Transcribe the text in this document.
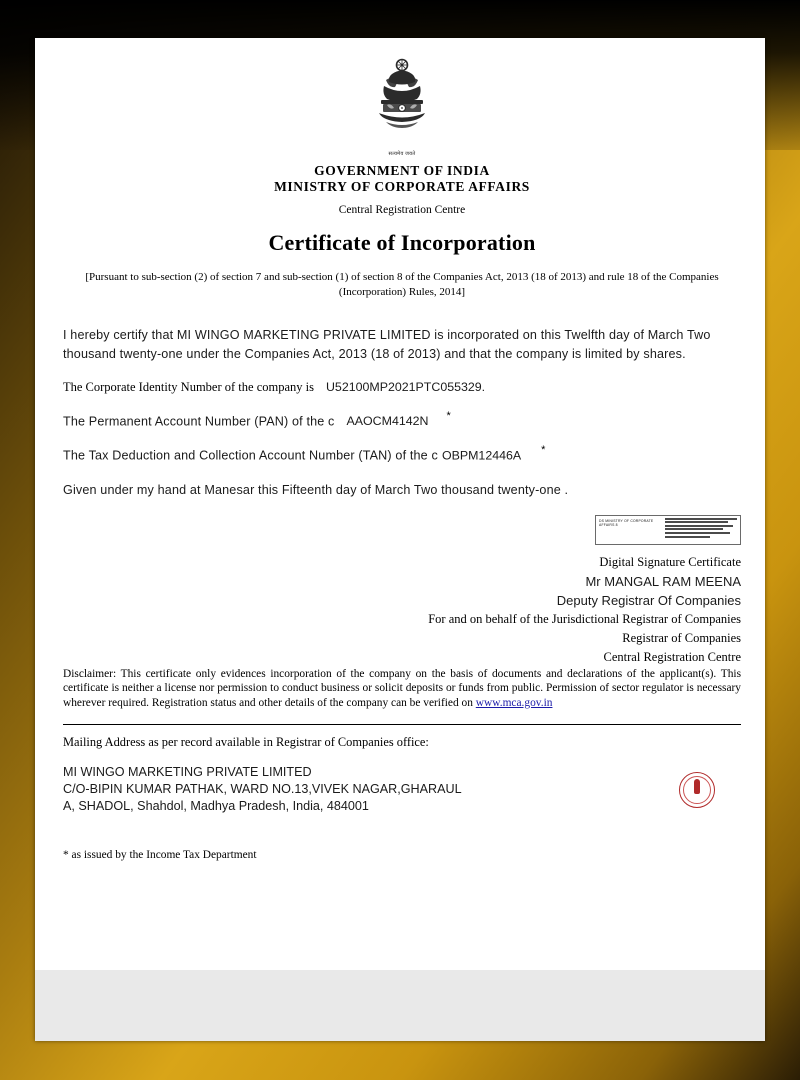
सत्यमेव जयते
GOVERNMENT OF INDIA
MINISTRY OF CORPORATE AFFAIRS
Central Registration Centre
Certificate of Incorporation
[Pursuant to sub-section (2) of section 7 and sub-section (1) of section 8 of the Companies Act, 2013 (18 of 2013) and rule 18 of the Companies (Incorporation) Rules, 2014]
I hereby certify that MI WINGO MARKETING PRIVATE LIMITED is incorporated on this Twelfth day of March Two thousand twenty-one under the Companies Act, 2013 (18 of 2013) and that the company is limited by shares.
The Corporate Identity Number of the company is U52100MP2021PTC055329.
The Permanent Account Number (PAN) of the c AAOCM4142N *
The Tax Deduction and Collection Account Number (TAN) of the c OBPM12446A *
Given under my hand at Manesar this Fifteenth day of March Two thousand twenty-one .
DS MINISTRY OF CORPORATE AFFAIRS 8
Digital Signature Certificate
Mr MANGAL RAM MEENA
Deputy Registrar Of Companies
For and on behalf of the Jurisdictional Registrar of Companies
Registrar of Companies
Central Registration Centre
Disclaimer: This certificate only evidences incorporation of the company on the basis of documents and declarations of the applicant(s). This certificate is neither a license nor permission to conduct business or solicit deposits or funds from public. Permission of sector regulator is necessary wherever required. Registration status and other details of the company can be verified on www.mca.gov.in
Mailing Address as per record available in Registrar of Companies office:
MI WINGO MARKETING PRIVATE LIMITED
C/O-BIPIN KUMAR PATHAK, WARD NO.13,VIVEK NAGAR,GHARAUL
A, SHADOL, Shahdol, Madhya Pradesh, India, 484001
* as issued by the Income Tax Department
